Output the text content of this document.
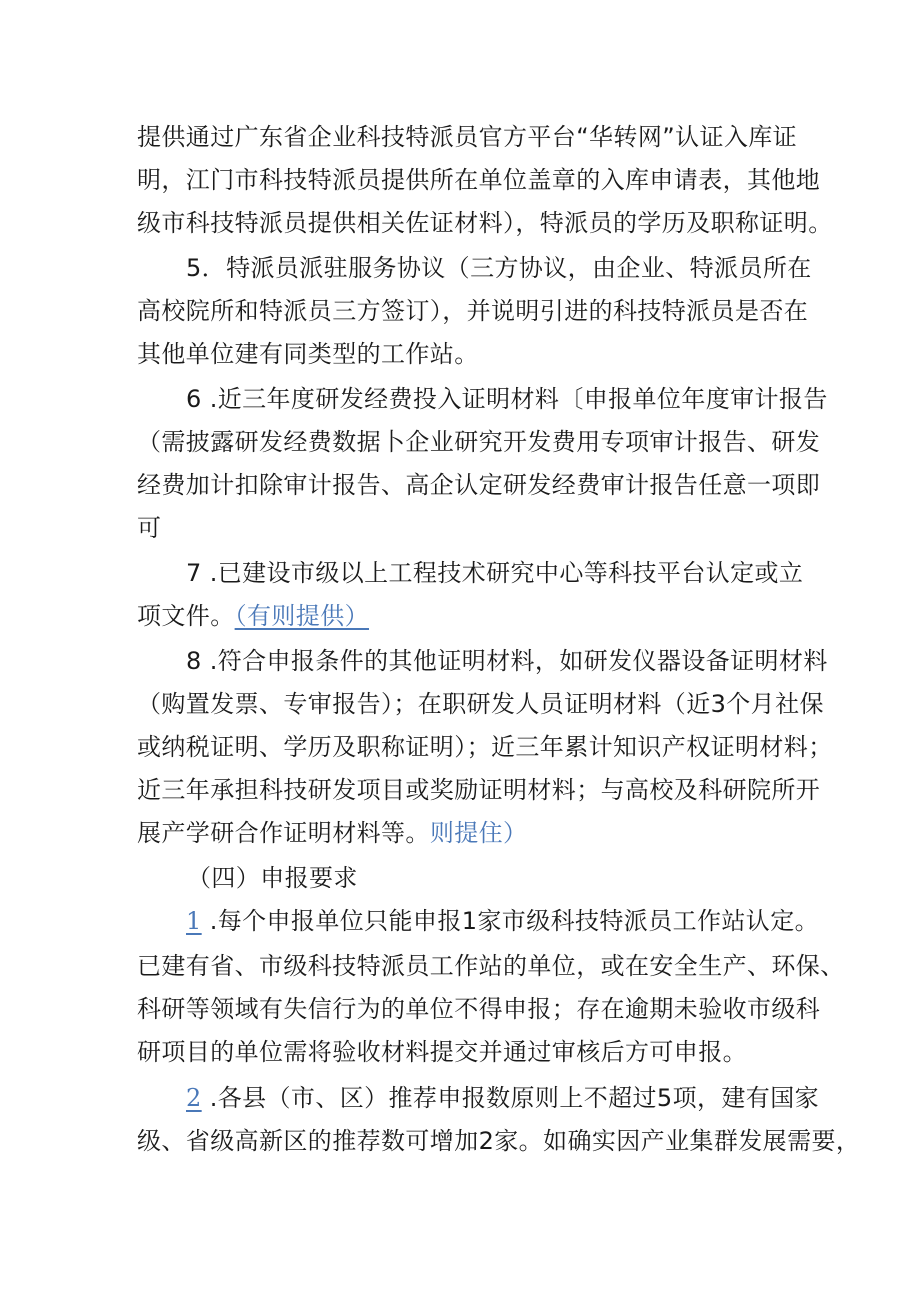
提供通过广东省企业科技特派员官方平台“华转网”认证入库证
明，江门市科技特派员提供所在单位盖章的入库申请表，其他地
级市科技特派员提供相关佐证材料），特派员的学历及职称证明。
5．特派员派驻服务协议（三方协议，由企业、特派员所在
高校院所和特派员三方签订），并说明引进的科技特派员是否在
其他单位建有同类型的工作站。
6 .近三年度研发经费投入证明材料〔申报单位年度审计报告
（需披露研发经费数据卜企业研究开发费用专项审计报告、研发
经费加计扣除审计报告、高企认定研发经费审计报告任意一项即
可
7 .已建设市级以上工程技术研究中心等科技平台认定或立
项文件。（有则提供）
8 .符合申报条件的其他证明材料，如研发仪器设备证明材料
（购置发票、专审报告）；在职研发人员证明材料（近3个月社保
或纳税证明、学历及职称证明）；近三年累计知识产权证明材料；
近三年承担科技研发项目或奖励证明材料；与高校及科研院所开
展产学研合作证明材料等。则提住）
（四）申报要求
1 .每个申报单位只能申报1家市级科技特派员工作站认定。
已建有省、市级科技特派员工作站的单位，或在安全生产、环保、
科研等领域有失信行为的单位不得申报；存在逾期未验收市级科
研项目的单位需将验收材料提交并通过审核后方可申报。
2 .各县（市、区）推荐申报数原则上不超过5项，建有国家
级、省级高新区的推荐数可增加2家。如确实因产业集群发展需要，
